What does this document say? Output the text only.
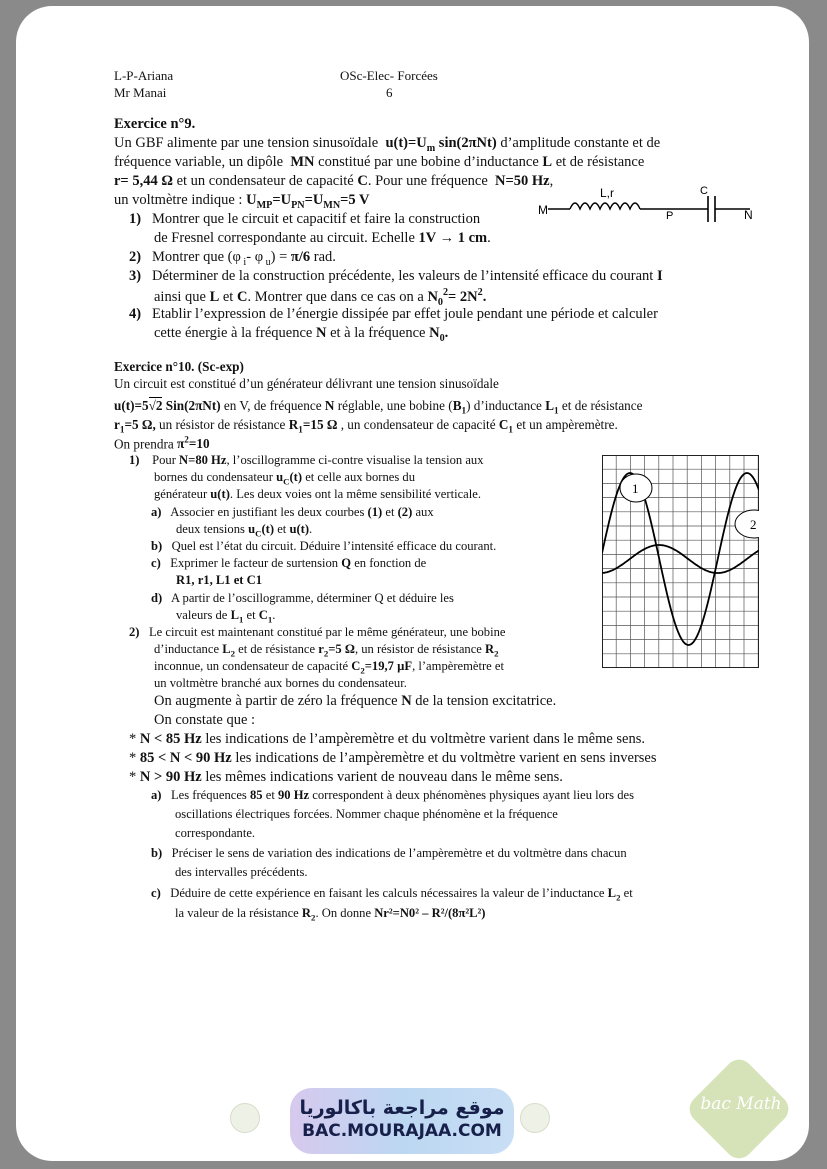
L-P-Ariana
Mr Manai
OSc-Elec- Forcées
6
Exercice n°9.
Un GBF alimente par une tension sinusoïdale $u(t)=U_m$ sin(2πNt) d’amplitude constante et de
fréquence variable, un dipôle MN constitué par une bobine d’inductance L et de résistance
r= 5,44 Ω et un condensateur de capacité C. Pour une fréquence N=50 Hz,
un voltmètre indique : $U_{MP}=U_{PN}=U_{MN}=5$ V
M
L,r
P
C
N
1) Montrer que le circuit et capacitif et faire la construction
de Fresnel correspondante au circuit. Echelle 1V → 1 cm.
2) Montrer que (φ $_i$- φ $_u$) = π/6 rad.
3) Déterminer de la construction précédente, les valeurs de l’intensité efficace du courant I
ainsi que L et C. Montrer que dans ce cas on a $N_0^2= 2N^2$.
4) Etablir l’expression de l’énergie dissipée par effet joule pendant une période et calculer
cette énergie à la fréquence N et à la fréquence $N_0$.
Exercice n°10. (Sc-exp)
Un circuit est constitué d’un générateur délivrant une tension sinusoïdale
u(t)=5√2 Sin(2πNt) en V, de fréquence N réglable, une bobine $(B_1)$ d’inductance $L_1$ et de résistance
$r_1=5$ Ω, un résistor de résistance $R_1=15$ Ω , un condensateur de capacité $C_1$ et un ampèremètre.
On prendra $\pi^2=10$
1) Pour N=80 Hz, l’oscillogramme ci-contre visualise la tension aux
bornes du condensateur $u_C(t)$ et celle aux bornes du
générateur u(t). Les deux voies ont la même sensibilité verticale.
a) Associer en justifiant les deux courbes (1) et (2) aux
deux tensions $u_C(t)$ et u(t).
b) Quel est l’état du circuit. Déduire l’intensité efficace du courant.
c) Exprimer le facteur de surtension Q en fonction de
R1, r1, L1 et C1
d) A partir de l’oscillogramme, déterminer Q et déduire les
valeurs de $L_1$ et $C_1$.
1
2
2) Le circuit est maintenant constitué par le même générateur, une bobine
d’inductance $L_2$ et de résistance $r_2=5$ Ω, un résistor de résistance $R_2$
inconnue, un condensateur de capacité $C_2=19,7$ µF, l’ampèremètre et
un voltmètre branché aux bornes du condensateur.
On augmente à partir de zéro la fréquence N de la tension excitatrice.
On constate que :
* N < 85 Hz les indications de l’ampèremètre et du voltmètre varient dans le même sens.
* 85 < N < 90 Hz les indications de l’ampèremètre et du voltmètre varient en sens inverses
* N > 90 Hz les mêmes indications varient de nouveau dans le même sens.
a) Les fréquences 85 et 90 Hz correspondent à deux phénomènes physiques ayant lieu lors des
oscillations électriques forcées. Nommer chaque phénomène et la fréquence
correspondante.
b) Préciser le sens de variation des indications de l’ampèremètre et du voltmètre dans chacun
des intervalles précédents.
c) Déduire de cette expérience en faisant les calculs nécessaires la valeur de l’inductance $L_2$ et
la valeur de la résistance $R_2$. On donne Nr²=N0² – R²/(8π²L²)
موقع مراجعة باكالوريا
BAC.MOURAJAA.COM
bac Math
